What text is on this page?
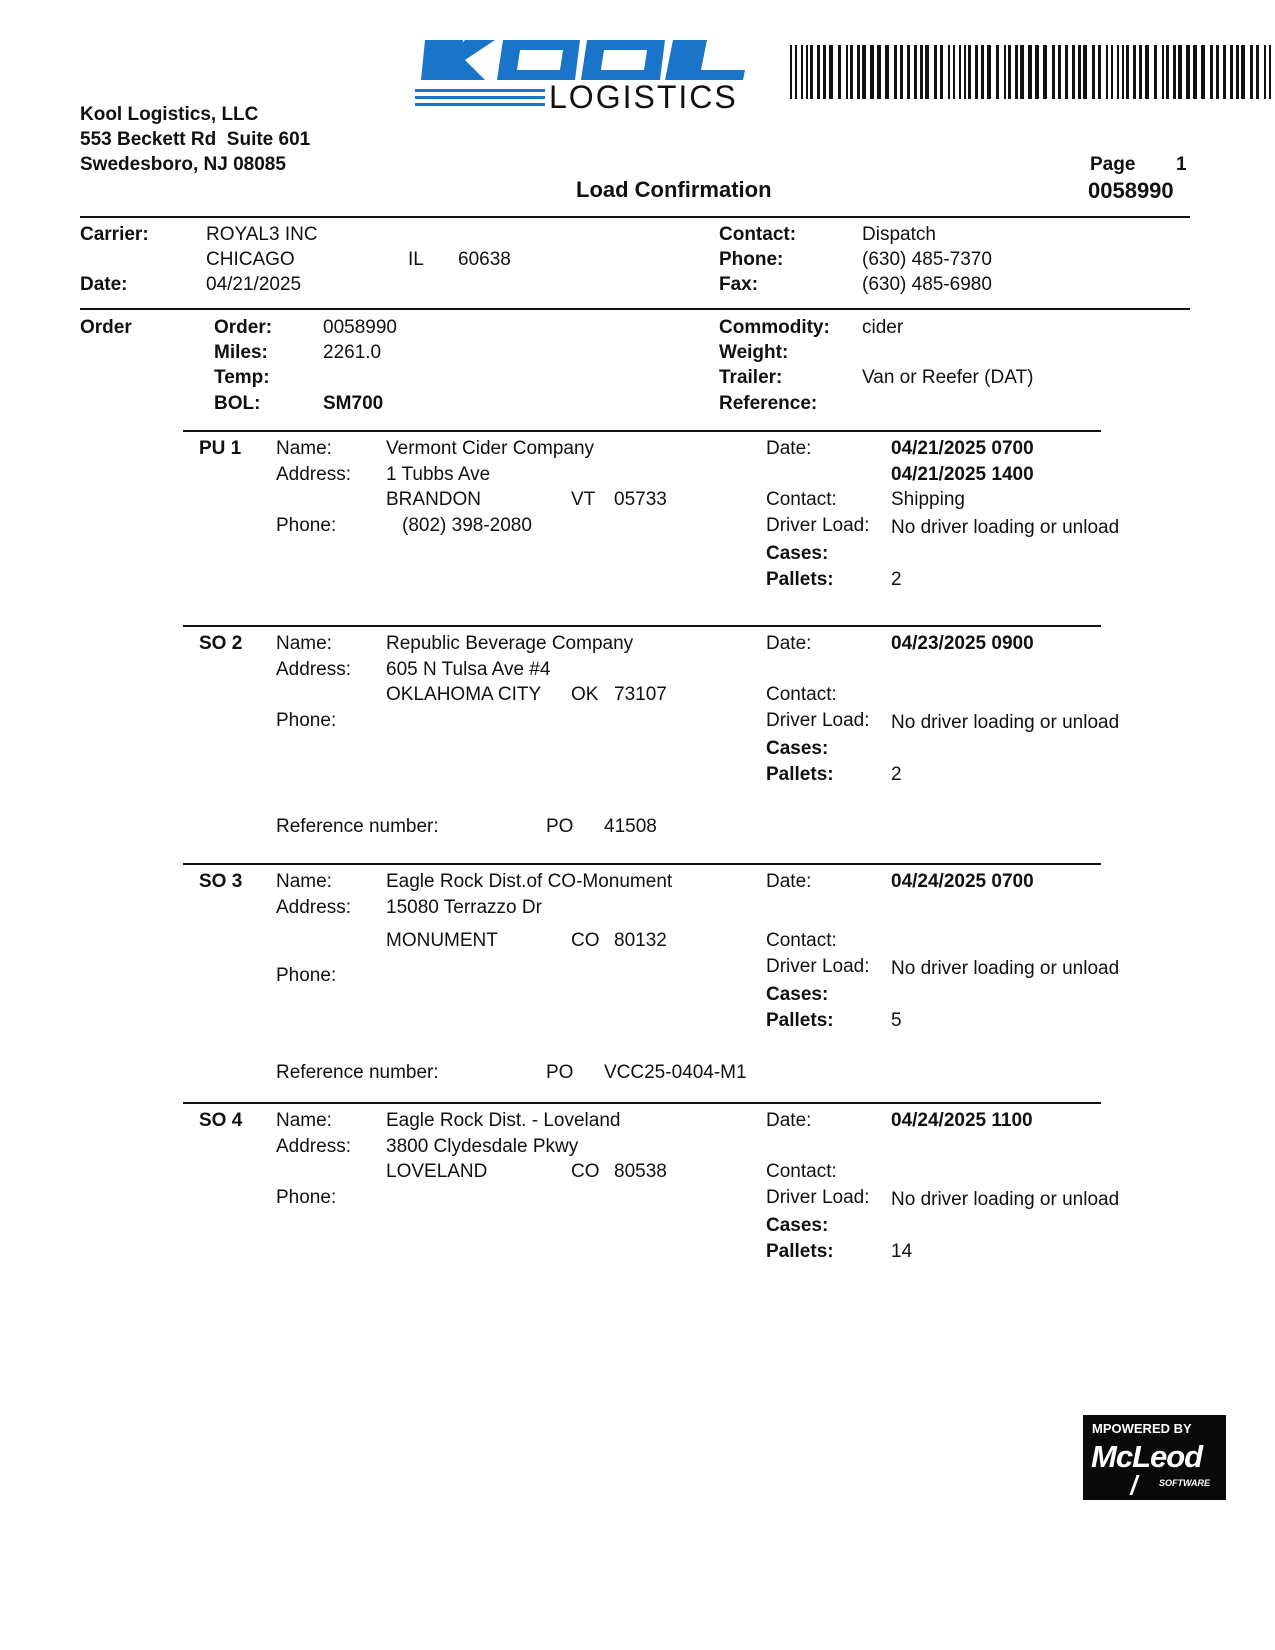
LOGISTICS
Kool Logistics, LLC
553 Beckett Rd  Suite 601
Swedesboro, NJ 08085
Load Confirmation
Page 1
0058990
Carrier:	ROYAL3 INC
CHICAGO	IL 60638
Date:	04/21/2025
Contact:	Dispatch
Phone:	(630) 485-7370
Fax:	(630) 485-6980
Order	Order:	0058990
Miles:	2261.0
Temp:
BOL:	SM700
Commodity: cider
Weight:
Trailer:	Van or Reefer (DAT)
Reference:
PU 1 Name:	Vermont Cider Company
Address: 1 Tubbs Ave
BRANDON	VT 05733
Phone:	(802) 398-2080
Date:	04/21/2025 0700
04/21/2025 1400
Contact:	Shipping
Driver Load: No driver loading or unload
Cases:
Pallets:	2
SO 2 Name:	Republic Beverage Company
Address: 605 N Tulsa Ave #4
OKLAHOMA CITY OK 73107
Phone:
Date:	04/23/2025 0900
Contact:
Driver Load: No driver loading or unload
Cases:
Pallets:	2
Reference number:	PO 41508
SO 3 Name:	Eagle Rock Dist.of CO-Monument
Address: 15080 Terrazzo Dr
MONUMENT	CO 80132
Phone:
Date:	04/24/2025 0700
Contact:
Driver Load: No driver loading or unload
Cases:
Pallets:	5
Reference number:	PO VCC25-0404-M1
SO 4 Name:	Eagle Rock Dist. - Loveland
Address: 3800 Clydesdale Pkwy
LOVELAND	CO 80538
Phone:
Date:	04/24/2025 1100
Contact:
Driver Load: No driver loading or unload
Cases:
Pallets:	14
MPOWERED BY
McLeod
SOFTWARE
